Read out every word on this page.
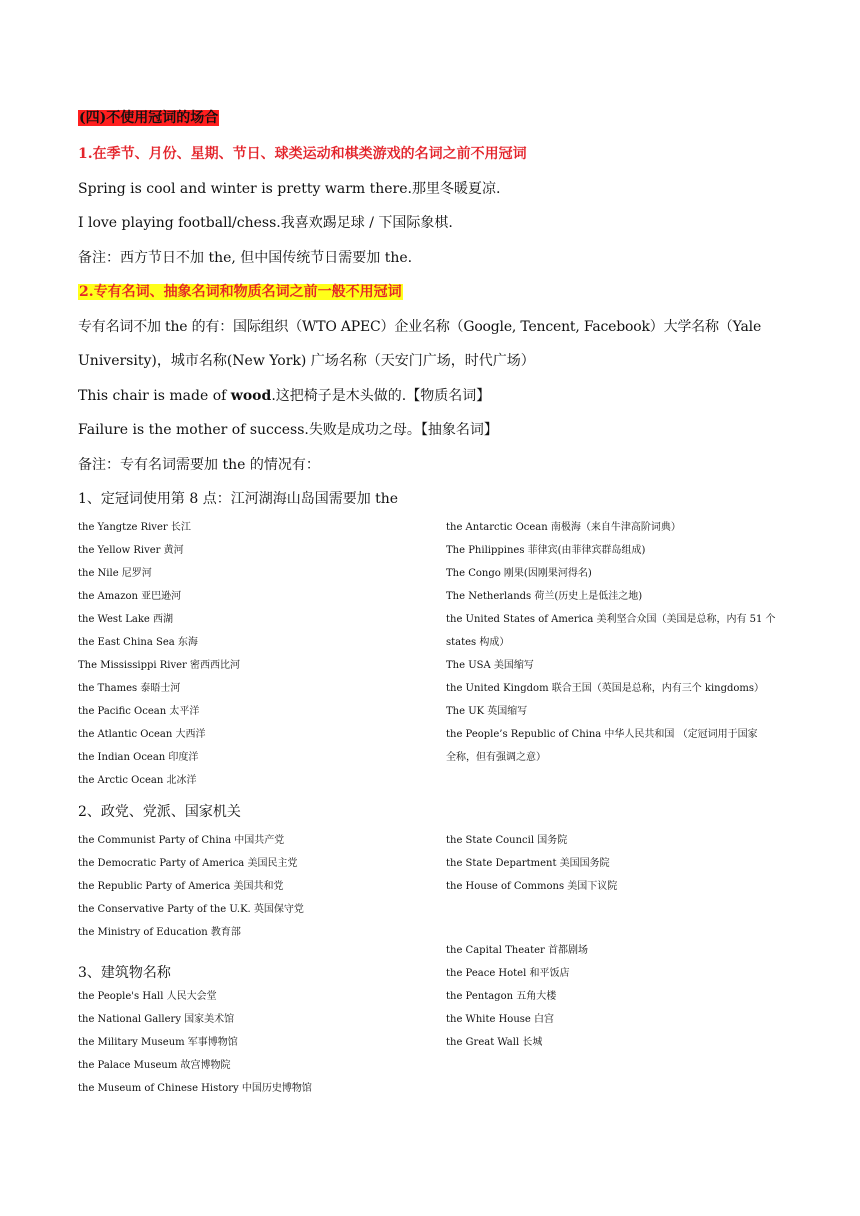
(四)不使用冠词的场合
1.在季节、月份、星期、节日、球类运动和棋类游戏的名词之前不用冠词
Spring is cool and winter is pretty warm there.那里冬暖夏凉.
I love playing football/chess.我喜欢踢足球 / 下国际象棋.
备注：西方节日不加 the, 但中国传统节日需要加 the.
2.专有名词、抽象名词和物质名词之前一般不用冠词
专有名词不加 the 的有：国际组织（WTO APEC）企业名称（Google, Tencent, Facebook）大学名称（Yale
University)，城市名称(New York) 广场名称（天安门广场，时代广场）
This chair is made of wood.这把椅子是木头做的.【物质名词】
Failure is the mother of success.失败是成功之母。【抽象名词】
备注：专有名词需要加 the 的情况有：
1、定冠词使用第 8 点：江河湖海山岛国需要加 the
the Yangtze River 长江
the Yellow River 黄河
the Nile 尼罗河
the Amazon 亚巴逊河
the West Lake 西湖
the East China Sea 东海
The Mississippi River 密西西比河
the Thames 泰晤士河
the Pacific Ocean 太平洋
the Atlantic Ocean 大西洋
the Indian Ocean 印度洋
the Arctic Ocean 北冰洋
the Antarctic Ocean 南极海（来自牛津高阶词典）
The Philippines 菲律宾(由菲律宾群岛组成)
The Congo 刚果(因刚果河得名)
The Netherlands 荷兰(历史上是低洼之地)
the United States of America 美利坚合众国（美国是总称，内有 51 个
states 构成）
The USA 美国缩写
the United Kingdom 联合王国（英国是总称，内有三个 kingdoms）
The UK 英国缩写
the People’s Republic of China 中华人民共和国 （定冠词用于国家
全称，但有强调之意）
2、政党、党派、国家机关
the Communist Party of China 中国共产党
the Democratic Party of America 美国民主党
the Republic Party of America 美国共和党
the Conservative Party of the U.K. 英国保守党
the Ministry of Education 教育部
the State Council 国务院
the State Department 美国国务院
the House of Commons 美国下议院
3、建筑物名称
the People's Hall 人民大会堂
the National Gallery 国家美术馆
the Military Museum 军事博物馆
the Palace Museum 故宫博物院
the Museum of Chinese History 中国历史博物馆
the Capital Theater 首都剧场
the Peace Hotel 和平饭店
the Pentagon 五角大楼
the White House 白宫
the Great Wall 长城
